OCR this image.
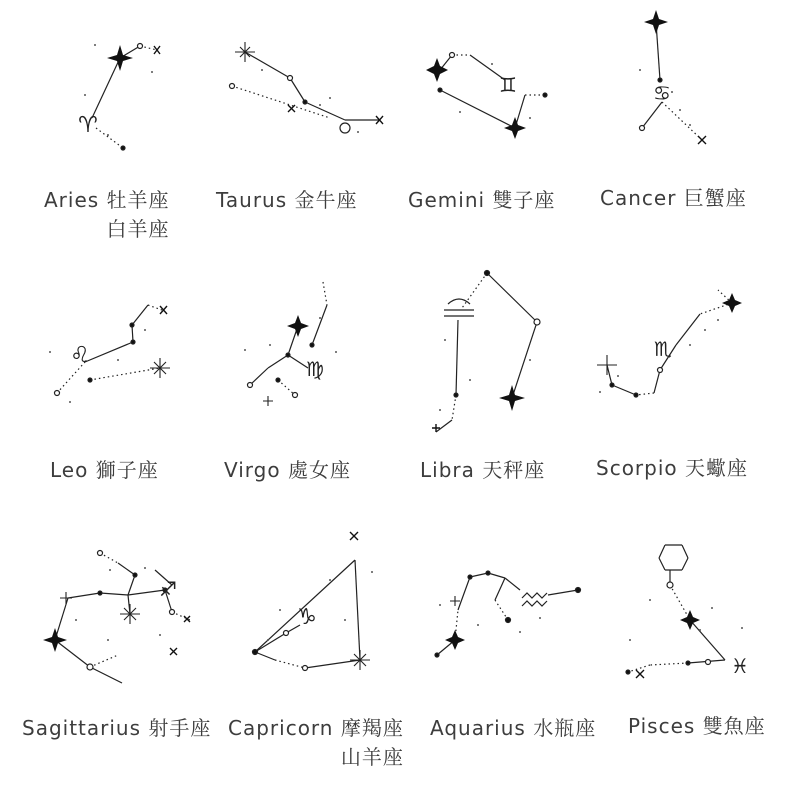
♈
♊	♋
♌
♍
♏
♐
♑
♓
Aries 牡羊座
白羊座
Taurus 金牛座	Gemini 雙子座 Cancer 巨蟹座
Leo 獅子座	Virgo 處女座	Libra 天秤座	Scorpio 天蠍座
Sagittarius 射手座 Capricorn 摩羯座
山羊座
Aquarius 水瓶座 Pisces 雙魚座
